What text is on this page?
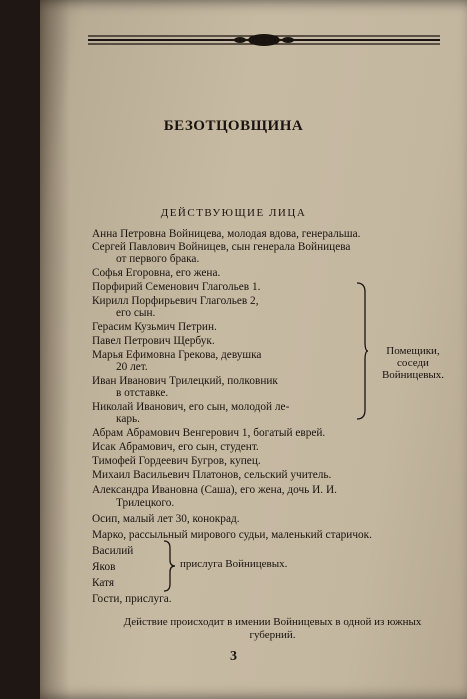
БЕЗОТЦОВЩИНА
ДЕЙСТВУЮЩИЕ ЛИЦА
Анна Петровна Войницева, молодая вдова, генеральша.
Сергей Павлович Войницев, сын генерала Войницева
от первого брака.
Софья Егоровна, его жена.
Порфирий Семенович Глагольев 1.
Кирилл Порфирьевич Глагольев 2,
его сын.
Герасим Кузьмич Петрин.
Павел Петрович Щербук.
Марья Ефимовна Грекова, девушка
20 лет.
Иван Иванович Трилецкий, полковник
в отставке.
Николай Иванович, его сын, молодой ле-
карь.
Абрам Абрамович Венгерович 1, богатый еврей.
Исак Абрамович, его сын, студент.
Тимофей Гордеевич Бугров, купец.
Михаил Васильевич Платонов, сельский учитель.
Александра Ивановна (Саша), его жена, дочь И. И.
Трилецкого.
Осип, малый лет 30, конокрад.
Марко, рассыльный мирового судьи, маленький старичок.
Помещики,
соседи
Войницевых.
Действие происходит в имении Войницевых в одной из южных
губерний.
3
Василий
Яков
Катя
Гости, прислуга.
прислуга Войницевых.
